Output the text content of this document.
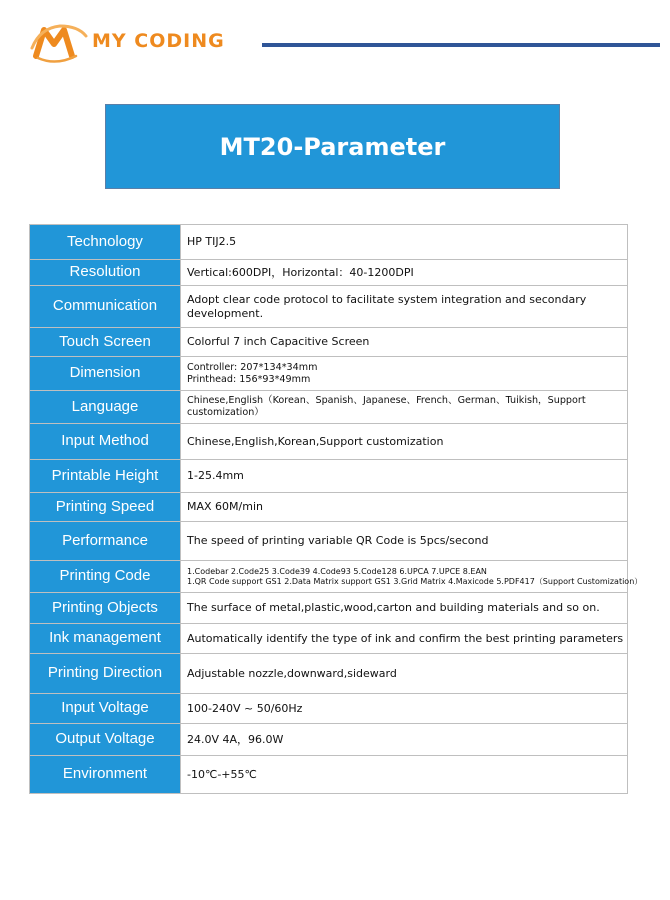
MY CODING
MT20-Parameter
Technology	HP TIJ2.5
Resolution	Vertical:600DPI，Horizontal：40-1200DPI
Communication	Adopt clear code protocol to facilitate system integration and secondary development.
Touch Screen	Colorful 7 inch Capacitive Screen
Dimension	Controller: 207*134*34mm
Printhead: 156*93*49mm

Language	Chinese,English（Korean、Spanish、Japanese、French、German、Tuikish，Support customization）
Input Method	Chinese,English,Korean,Support customization
Printable Height	1-25.4mm
Printing Speed	MAX 60M/min
Performance	The speed of printing variable QR Code is 5pcs/second
Printing Code	1.Codebar 2.Code25 3.Code39 4.Code93 5.Code128 6.UPCA 7.UPCE 8.EAN
1.QR Code support GS1 2.Data Matrix support GS1 3.Grid Matrix 4.Maxicode 5.PDF417（Support Customization）

Printing Objects	The surface of metal,plastic,wood,carton and building materials and so on.
Ink management	Automatically identify the type of ink and confirm the best printing parameters
Printing Direction	Adjustable nozzle,downward,sideward
Input Voltage	100-240V ~ 50/60Hz
Output Voltage	24.0V 4A，96.0W
Environment	-10℃-+55℃
